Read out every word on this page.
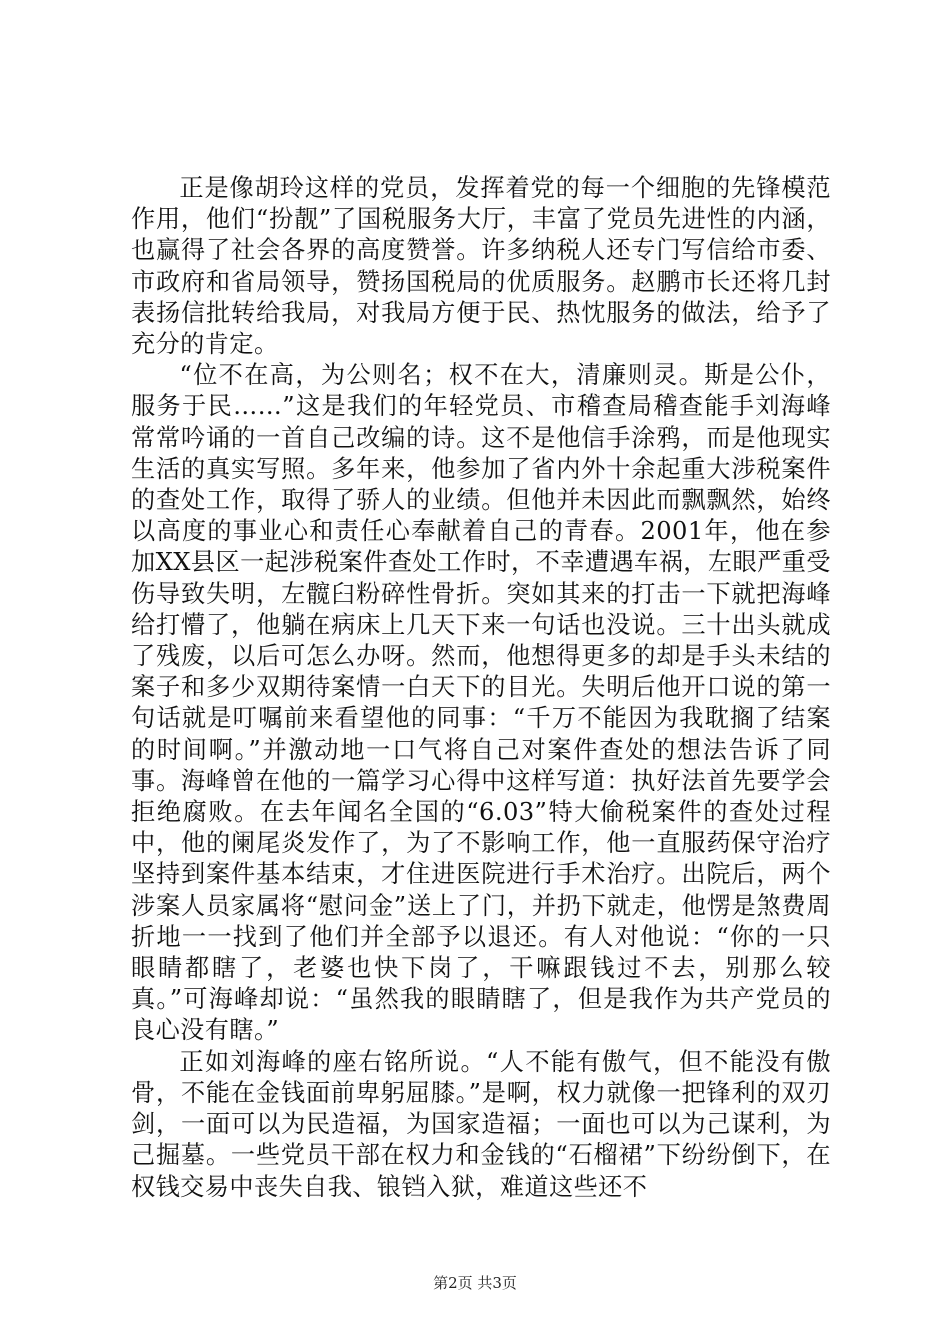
正是像胡玲这样的党员，发挥着党的每一个细胞的先锋模范作用，他们“扮靓”了国税服务大厅，丰富了党员先进性的内涵，也赢得了社会各界的高度赞誉。许多纳税人还专门写信给市委、市政府和省局领导，赞扬国税局的优质服务。赵鹏市长还将几封表扬信批转给我局，对我局方便于民、热忱服务的做法，给予了充分的肯定。

“位不在高，为公则名；权不在大，清廉则灵。斯是公仆，服务于民……”这是我们的年轻党员、市稽查局稽查能手刘海峰常常吟诵的一首自己改编的诗。这不是他信手涂鸦，而是他现实生活的真实写照。多年来，他参加了省内外十余起重大涉税案件的查处工作，取得了骄人的业绩。但他并未因此而飘飘然，始终以高度的事业心和责任心奉献着自己的青春。2001年，他在参加XX县区一起涉税案件查处工作时，不幸遭遇车祸，左眼严重受伤导致失明，左髋臼粉碎性骨折。突如其来的打击一下就把海峰给打懵了，他躺在病床上几天下来一句话也没说。三十出头就成了残废，以后可怎么办呀。然而，他想得更多的却是手头未结的案子和多少双期待案情一白天下的目光。失明后他开口说的第一句话就是叮嘱前来看望他的同事：“千万不能因为我耽搁了结案的时间啊。”并激动地一口气将自己对案件查处的想法告诉了同事。海峰曾在他的一篇学习心得中这样写道：执好法首先要学会拒绝腐败。在去年闻名全国的“6.03”特大偷税案件的查处过程中，他的阑尾炎发作了，为了不影响工作，他一直服药保守治疗坚持到案件基本结束，才住进医院进行手术治疗。出院后，两个涉案人员家属将“慰问金”送上了门，并扔下就走，他愣是煞费周折地一一找到了他们并全部予以退还。有人对他说：“你的一只眼睛都瞎了，老婆也快下岗了，干嘛跟钱过不去，别那么较真。”可海峰却说：“虽然我的眼睛瞎了，但是我作为共产党员的良心没有瞎。”

正如刘海峰的座右铭所说。“人不能有傲气，但不能没有傲骨，不能在金钱面前卑躬屈膝。”是啊，权力就像一把锋利的双刃剑，一面可以为民造福，为国家造福；一面也可以为己谋利，为己掘墓。一些党员干部在权力和金钱的“石榴裙”下纷纷倒下，在权钱交易中丧失自我、锒铛入狱，难道这些还不

第2页 共3页
